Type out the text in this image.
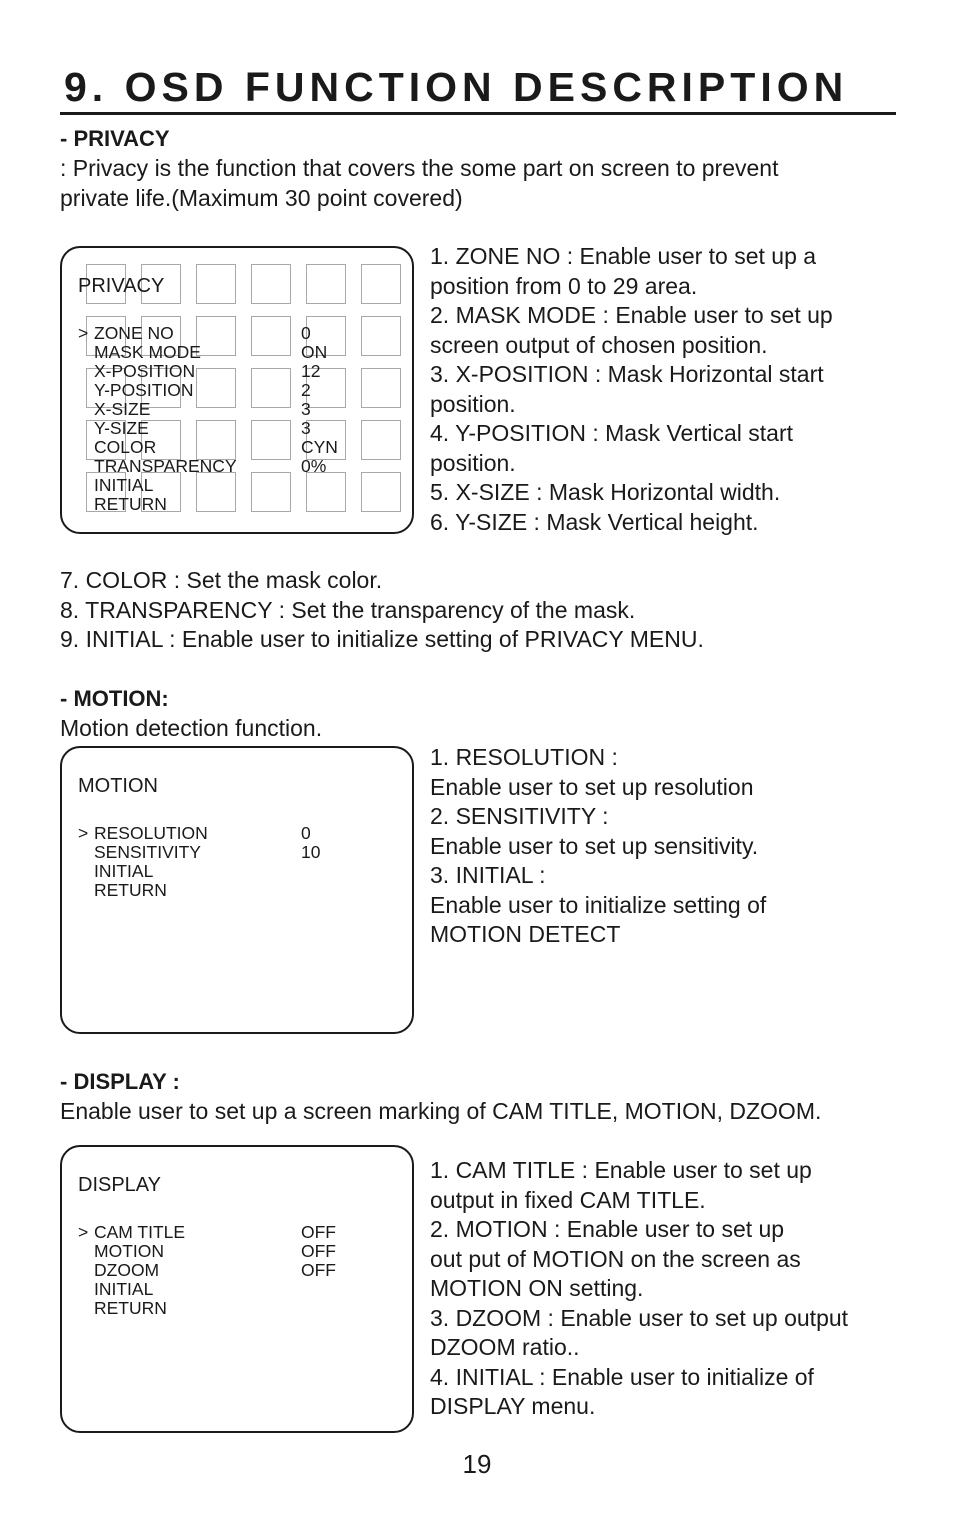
9. OSD FUNCTION DESCRIPTION
- PRIVACY
: Privacy is the function that covers the some part on screen to prevent
private life.(Maximum 30 point covered)
PRIVACY
> ZONE NO	0
MASK MODE	ON
X-POSITION	12
Y-POSITION	2
X-SIZE	3
Y-SIZE	3
COLOR	CYN
TRANSPARENCY	0%
INITIAL
RETURN
1. ZONE NO : Enable user to set up a
position from 0 to 29 area.
2. MASK MODE : Enable user to set up
screen output of chosen position.
3. X-POSITION : Mask Horizontal start
position.
4. Y-POSITION : Mask Vertical start
position.
5. X-SIZE : Mask Horizontal width.
6. Y-SIZE : Mask Vertical height.
7. COLOR : Set the mask color.
8. TRANSPARENCY : Set the transparency of the mask.
9. INITIAL : Enable user to initialize setting of PRIVACY MENU.
- MOTION:
Motion detection function.
MOTION
> RESOLUTION	0
SENSITIVITY	10
INITIAL
RETURN
1. RESOLUTION :
Enable user to set up resolution
2. SENSITIVITY :
Enable user to set up sensitivity.
3. INITIAL :
Enable user to initialize setting of
MOTION DETECT
- DISPLAY :
Enable user to set up a screen marking of CAM TITLE, MOTION, DZOOM.
DISPLAY
> CAM TITLE	OFF
MOTION	OFF
DZOOM	OFF
INITIAL
RETURN
1. CAM TITLE : Enable user to set up
output in fixed CAM TITLE.
2. MOTION : Enable user to set up
out put of MOTION on the screen as
MOTION ON setting.
3. DZOOM : Enable user to set up output
DZOOM ratio..
4. INITIAL : Enable user to initialize of
DISPLAY menu.
19
